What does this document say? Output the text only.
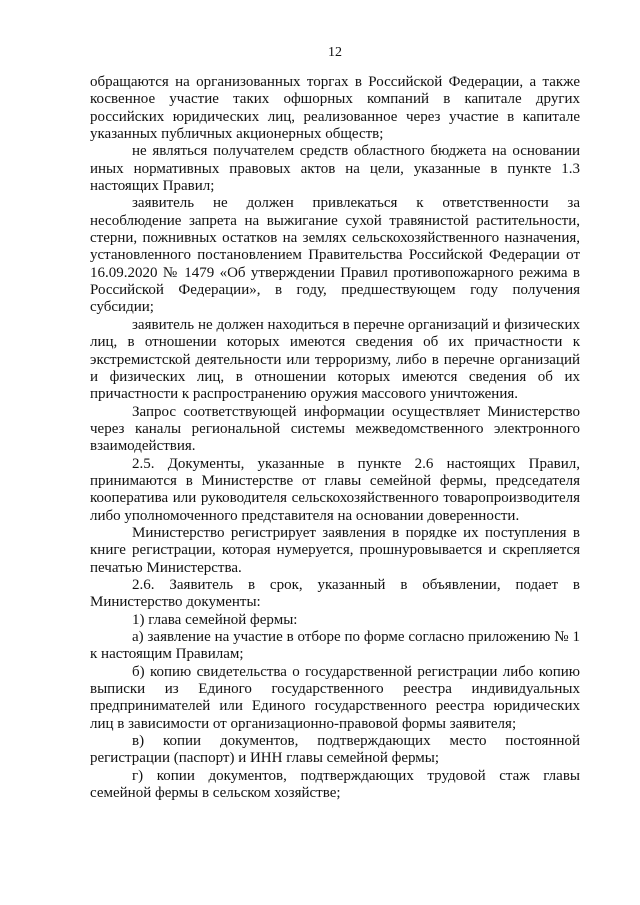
12

обращаются на организованных торгах в Российской Федерации, а также косвенное участие таких офшорных компаний в капитале других российских юридических лиц, реализованное через участие в капитале указанных публичных акционерных обществ;

не являться получателем средств областного бюджета на основании иных нормативных правовых актов на цели, указанные в пункте 1.3 настоящих Правил;

заявитель не должен привлекаться к ответственности за несоблюдение запрета на выжигание сухой травянистой растительности, стерни, пожнивных остатков на землях сельскохозяйственного назначения, установленного постановлением Правительства Российской Федерации от 16.09.2020 № 1479 «Об утверждении Правил противопожарного режима в Российской Федерации», в году, предшествующем году получения субсидии;

заявитель не должен находиться в перечне организаций и физических лиц, в отношении которых имеются сведения об их причастности к экстремистской деятельности или терроризму, либо в перечне организаций и физических лиц, в отношении которых имеются сведения об их причастности к распространению оружия массового уничтожения.

Запрос соответствующей информации осуществляет Министерство через каналы региональной системы межведомственного электронного взаимодействия.

2.5. Документы, указанные в пункте 2.6 настоящих Правил, принимаются в Министерстве от главы семейной фермы, председателя кооператива или руководителя сельскохозяйственного товаропроизводителя либо уполномоченного представителя на основании доверенности.

Министерство регистрирует заявления в порядке их поступления в книге регистрации, которая нумеруется, прошнуровывается и скрепляется печатью Министерства.

2.6. Заявитель в срок, указанный в объявлении, подает в Министерство документы:

1) глава семейной фермы:

а) заявление на участие в отборе по форме согласно приложению № 1 к настоящим Правилам;

б) копию свидетельства о государственной регистрации либо копию выписки из Единого государственного реестра индивидуальных предпринимателей или Единого государственного реестра юридических лиц в зависимости от организационно-правовой формы заявителя;

в) копии документов, подтверждающих место постоянной регистрации (паспорт) и ИНН главы семейной фермы;

г) копии документов, подтверждающих трудовой стаж главы семейной фермы в сельском хозяйстве;
